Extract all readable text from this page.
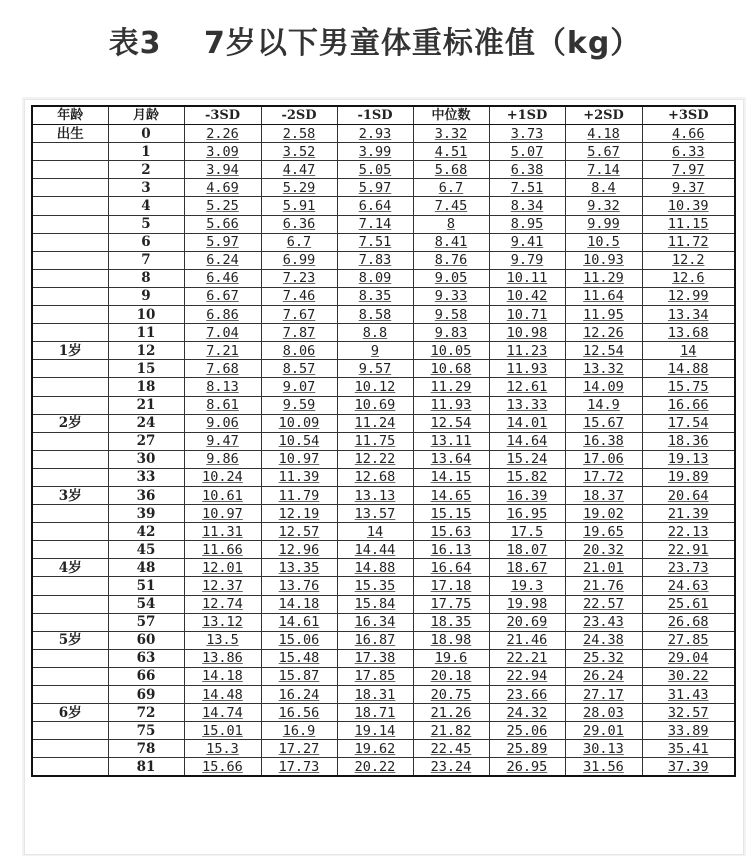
表3　 7岁以下男童体重标准值（kg）
年龄	月龄	-3SD	-2SD	-1SD	中位数	+1SD	+2SD	+3SD
出生	0	2.26	2.58	2.93	3.32	3.73	4.18	4.66
	1	3.09	3.52	3.99	4.51	5.07	5.67	6.33
	2	3.94	4.47	5.05	5.68	6.38	7.14	7.97
	3	4.69	5.29	5.97	6.7	7.51	8.4	9.37
	4	5.25	5.91	6.64	7.45	8.34	9.32	10.39
	5	5.66	6.36	7.14	8	8.95	9.99	11.15
	6	5.97	6.7	7.51	8.41	9.41	10.5	11.72
	7	6.24	6.99	7.83	8.76	9.79	10.93	12.2
	8	6.46	7.23	8.09	9.05	10.11	11.29	12.6
	9	6.67	7.46	8.35	9.33	10.42	11.64	12.99
	10	6.86	7.67	8.58	9.58	10.71	11.95	13.34
	11	7.04	7.87	8.8	9.83	10.98	12.26	13.68
1岁	12	7.21	8.06	9	10.05	11.23	12.54	14
	15	7.68	8.57	9.57	10.68	11.93	13.32	14.88
	18	8.13	9.07	10.12	11.29	12.61	14.09	15.75
	21	8.61	9.59	10.69	11.93	13.33	14.9	16.66
2岁	24	9.06	10.09	11.24	12.54	14.01	15.67	17.54
	27	9.47	10.54	11.75	13.11	14.64	16.38	18.36
	30	9.86	10.97	12.22	13.64	15.24	17.06	19.13
	33	10.24	11.39	12.68	14.15	15.82	17.72	19.89
3岁	36	10.61	11.79	13.13	14.65	16.39	18.37	20.64
	39	10.97	12.19	13.57	15.15	16.95	19.02	21.39
	42	11.31	12.57	14	15.63	17.5	19.65	22.13
	45	11.66	12.96	14.44	16.13	18.07	20.32	22.91
4岁	48	12.01	13.35	14.88	16.64	18.67	21.01	23.73
	51	12.37	13.76	15.35	17.18	19.3	21.76	24.63
	54	12.74	14.18	15.84	17.75	19.98	22.57	25.61
	57	13.12	14.61	16.34	18.35	20.69	23.43	26.68
5岁	60	13.5	15.06	16.87	18.98	21.46	24.38	27.85
	63	13.86	15.48	17.38	19.6	22.21	25.32	29.04
	66	14.18	15.87	17.85	20.18	22.94	26.24	30.22
	69	14.48	16.24	18.31	20.75	23.66	27.17	31.43
6岁	72	14.74	16.56	18.71	21.26	24.32	28.03	32.57
	75	15.01	16.9	19.14	21.82	25.06	29.01	33.89
	78	15.3	17.27	19.62	22.45	25.89	30.13	35.41
	81	15.66	17.73	20.22	23.24	26.95	31.56	37.39
